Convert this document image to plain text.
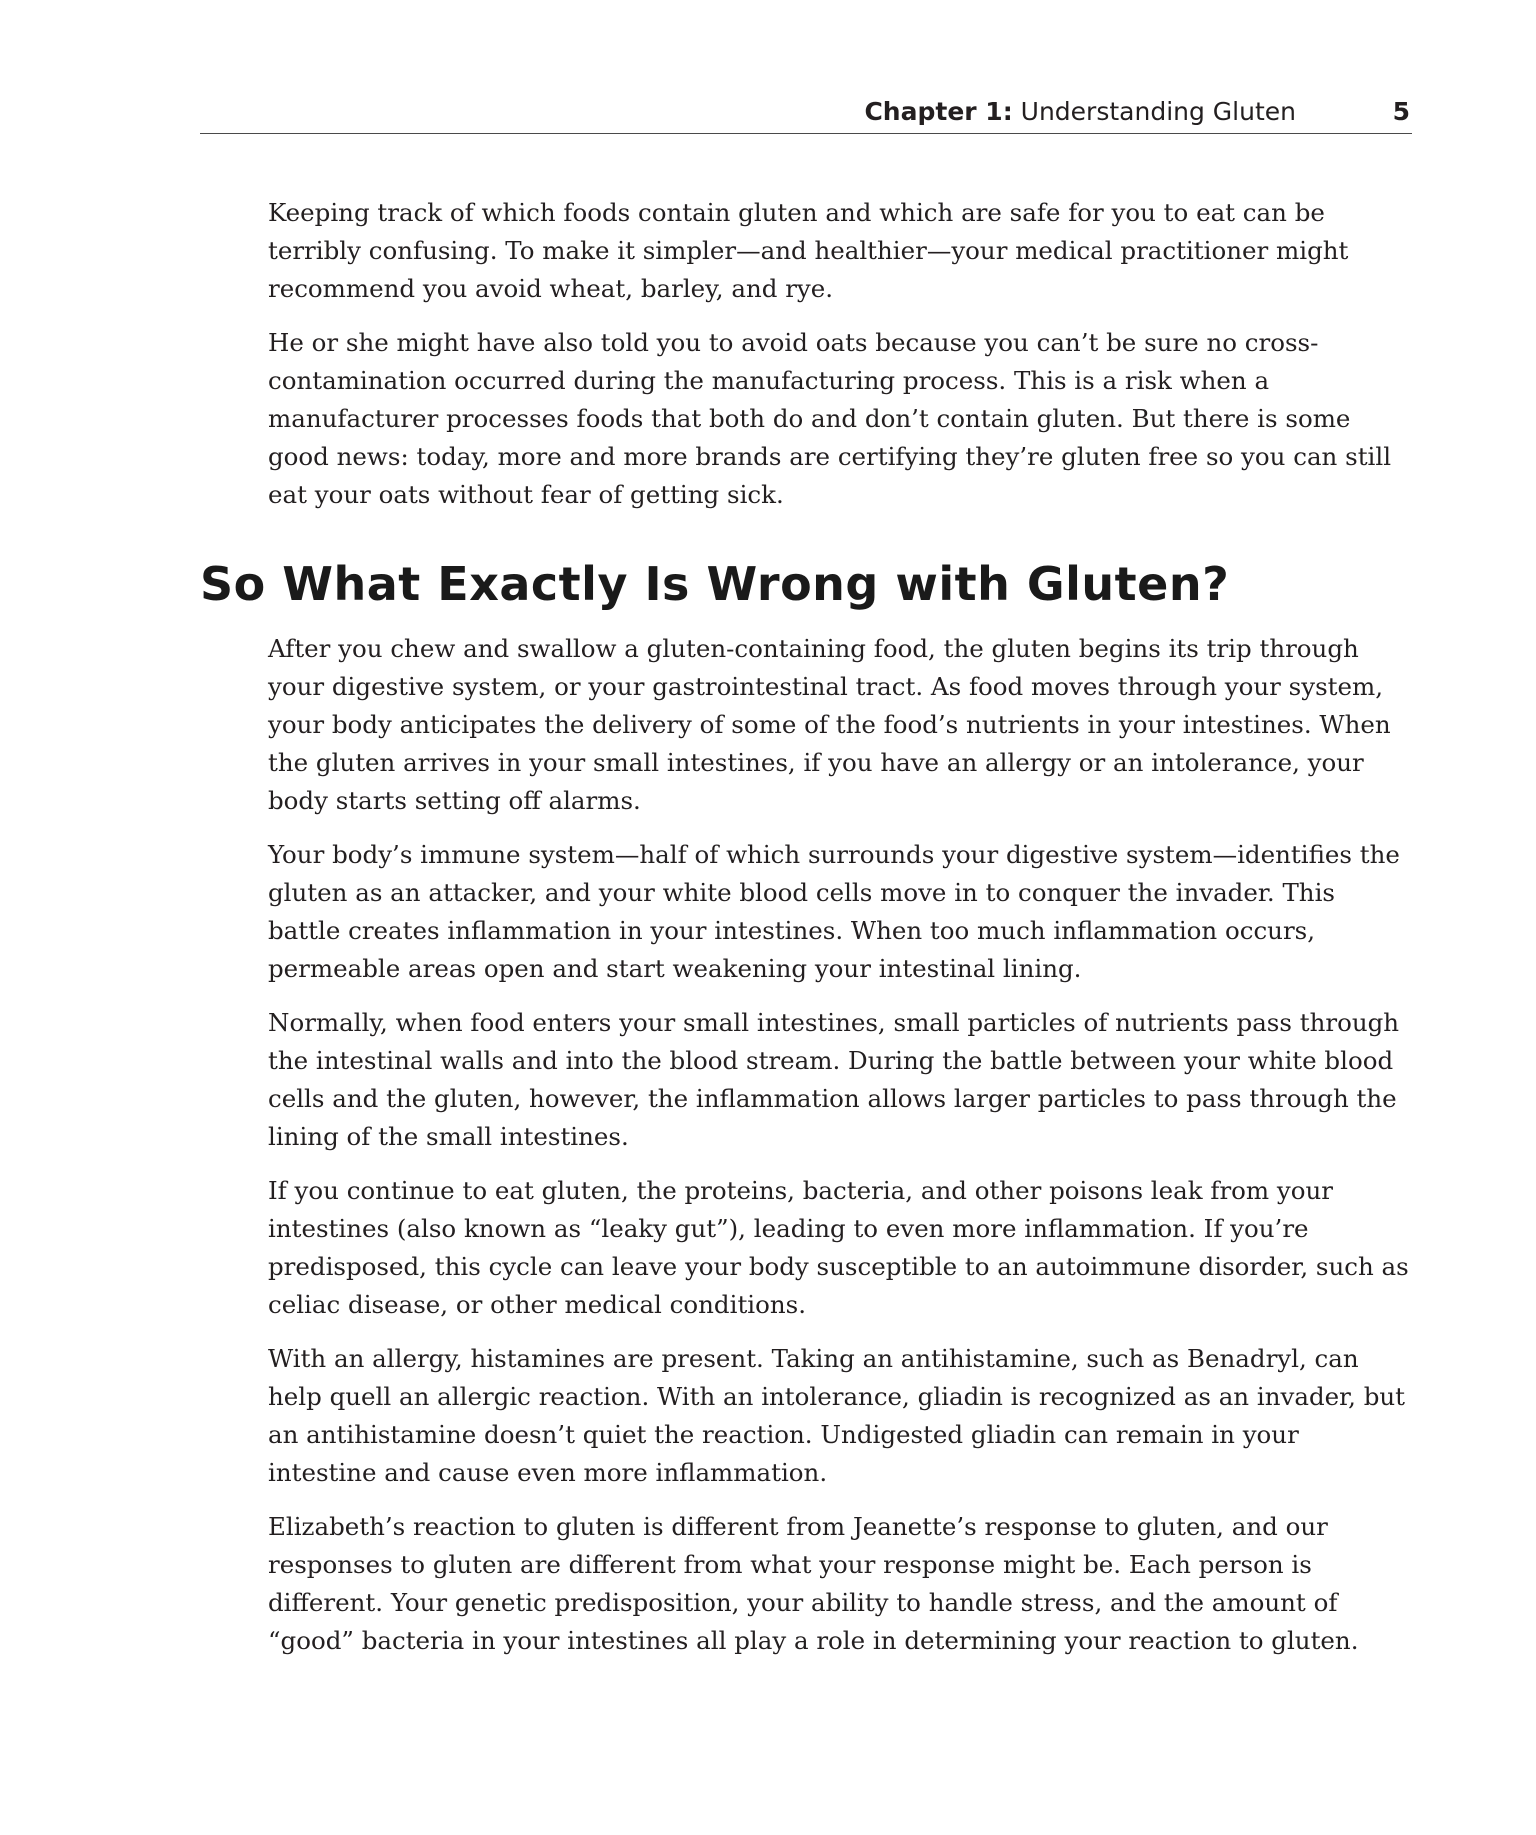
Chapter 1: Understanding Gluten	5

Keeping track of which foods contain gluten and which are safe for you to eat can be terribly confusing. To make it simpler—and healthier—your medical practitioner might recommend you avoid wheat, barley, and rye.

He or she might have also told you to avoid oats because you can’t be sure no cross-contamination occurred during the manufacturing process. This is a risk when a manufacturer processes foods that both do and don’t contain gluten. But there is some good news: today, more and more brands are certifying they’re gluten free so you can still eat your oats without fear of getting sick.

So What Exactly Is Wrong with Gluten?

After you chew and swallow a gluten-containing food, the gluten begins its trip through your digestive system, or your gastrointestinal tract. As food moves through your system, your body anticipates the delivery of some of the food’s nutrients in your intestines. When the gluten arrives in your small intestines, if you have an allergy or an intolerance, your body starts setting off alarms.

Your body’s immune system—half of which surrounds your digestive system—identifies the gluten as an attacker, and your white blood cells move in to conquer the invader. This battle creates inflammation in your intestines. When too much inflammation occurs, permeable areas open and start weakening your intestinal lining.

Normally, when food enters your small intestines, small particles of nutrients pass through the intestinal walls and into the blood stream. During the battle between your white blood cells and the gluten, however, the inflammation allows larger particles to pass through the lining of the small intestines.

If you continue to eat gluten, the proteins, bacteria, and other poisons leak from your intestines (also known as “leaky gut”), leading to even more inflammation. If you’re predisposed, this cycle can leave your body susceptible to an autoimmune disorder, such as celiac disease, or other medical conditions.

With an allergy, histamines are present. Taking an antihistamine, such as Benadryl, can help quell an allergic reaction. With an intolerance, gliadin is recognized as an invader, but an antihistamine doesn’t quiet the reaction. Undigested gliadin can remain in your intestine and cause even more inflammation.

Elizabeth’s reaction to gluten is different from Jeanette’s response to gluten, and our responses to gluten are different from what your response might be. Each person is different. Your genetic predisposition, your ability to handle stress, and the amount of “good” bacteria in your intestines all play a role in determining your reaction to gluten.
